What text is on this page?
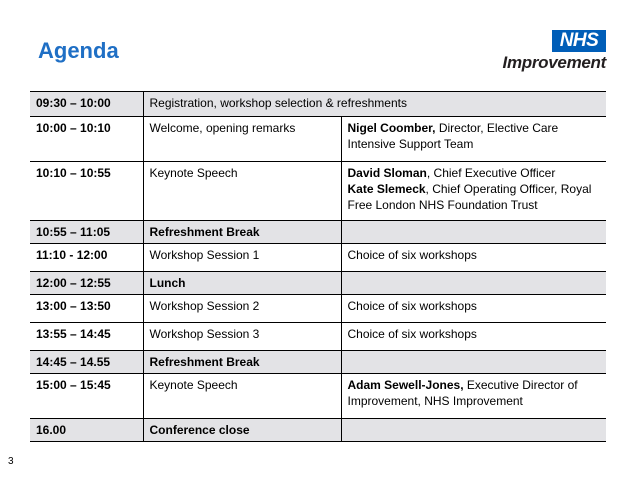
Agenda	NHS
Improvement
09:30 – 10:00	Registration, workshop selection & refreshments	
10:00 – 10:10	Welcome, opening remarks	Nigel Coomber, Director, Elective Care Intensive Support Team
10:10 – 10:55	Keynote Speech	David Sloman, Chief Executive Officer
Kate Slemeck, Chief Operating Officer, Royal Free London NHS Foundation Trust
10:55 – 11:05	Refreshment Break	
11:10 - 12:00	Workshop Session 1	Choice of six workshops
12:00 – 12:55	Lunch	
13:00 – 13:50	Workshop Session 2	Choice of six workshops
13:55 – 14:45	Workshop Session 3	Choice of six workshops
14:45 – 14.55	Refreshment Break	
15:00 – 15:45	Keynote Speech	Adam Sewell-Jones, Executive Director of Improvement, NHS Improvement
16.00	Conference close	
3
